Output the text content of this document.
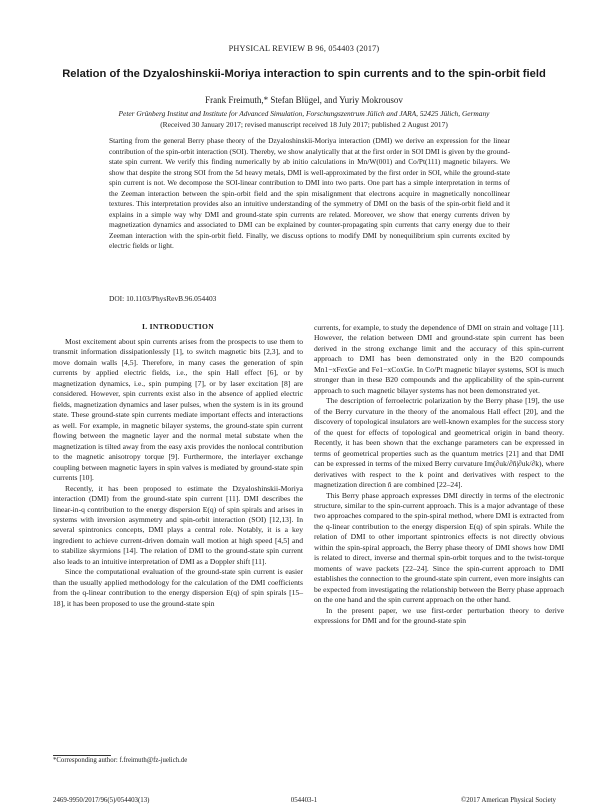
PHYSICAL REVIEW B 96, 054403 (2017)
Relation of the Dzyaloshinskii-Moriya interaction to spin currents and to the spin-orbit field
Frank Freimuth,* Stefan Blügel, and Yuriy Mokrousov
Peter Grünberg Institut and Institute for Advanced Simulation, Forschungszentrum Jülich and JARA, 52425 Jülich, Germany
(Received 30 January 2017; revised manuscript received 18 July 2017; published 2 August 2017)
Starting from the general Berry phase theory of the Dzyaloshinskii-Moriya interaction (DMI) we derive an expression for the linear contribution of the spin-orbit interaction (SOI). Thereby, we show analytically that at the first order in SOI DMI is given by the ground-state spin current. We verify this finding numerically by ab initio calculations in Mn/W(001) and Co/Pt(111) magnetic bilayers. We show that despite the strong SOI from the 5d heavy metals, DMI is well-approximated by the first order in SOI, while the ground-state spin current is not. We decompose the SOI-linear contribution to DMI into two parts. One part has a simple interpretation in terms of the Zeeman interaction between the spin-orbit field and the spin misalignment that electrons acquire in magnetically noncollinear textures. This interpretation provides also an intuitive understanding of the symmetry of DMI on the basis of the spin-orbit field and it explains in a simple way why DMI and ground-state spin currents are related. Moreover, we show that energy currents driven by magnetization dynamics and associated to DMI can be explained by counter-propagating spin currents that carry energy due to their Zeeman interaction with the spin-orbit field. Finally, we discuss options to modify DMI by nonequilibrium spin currents excited by electric fields or light.
DOI: 10.1103/PhysRevB.96.054403
I. INTRODUCTION

Most excitement about spin currents arises from the prospects to use them to transmit information dissipationlessly [1], to switch magnetic bits [2,3], and to move domain walls [4,5]. Therefore, in many cases the generation of spin currents by applied electric fields, i.e., the spin Hall effect [6], or by magnetization dynamics, i.e., spin pumping [7], or by laser excitation [8] are considered. However, spin currents exist also in the absence of applied electric fields, magnetization dynamics and laser pulses, when the system is in its ground state. These ground-state spin currents mediate important effects and interactions as well. For example, in magnetic bilayer systems, the ground-state spin current flowing between the magnetic layer and the normal metal substate when the magnetization is tilted away from the easy axis provides the nonlocal contribution to the magnetic anisotropy torque [9]. Furthermore, the interlayer exchange coupling between magnetic layers in spin valves is mediated by ground-state spin currents [10].

Recently, it has been proposed to estimate the Dzyaloshinskii-Moriya interaction (DMI) from the ground-state spin current [11]. DMI describes the linear-in-q contribution to the energy dispersion E(q) of spin spirals and arises in systems with inversion asymmetry and spin-orbit interaction (SOI) [12,13]. In several spintronics concepts, DMI plays a central role. Notably, it is a key ingredient to achieve current-driven domain wall motion at high speed [4,5] and to stabilize skyrmions [14]. The relation of DMI to the ground-state spin current also leads to an intuitive interpretation of DMI as a Doppler shift [11].

Since the computational evaluation of the ground-state spin current is easier than the usually applied methodology for the calculation of the DMI coefficients from the q-linear contribution to the energy dispersion E(q) of spin spirals [15–18], it has been proposed to use the ground-state spin

currents, for example, to study the dependence of DMI on strain and voltage [11]. However, the relation between DMI and ground-state spin current has been derived in the strong exchange limit and the accuracy of this spin-current approach to DMI has been demonstrated only in the B20 compounds Mn1−xFexGe and Fe1−xCoxGe. In Co/Pt magnetic bilayer systems, SOI is much stronger than in these B20 compounds and the applicability of the spin-current approach to such magnetic bilayer systems has not been demonstrated yet.

The description of ferroelectric polarization by the Berry phase [19], the use of the Berry curvature in the theory of the anomalous Hall effect [20], and the discovery of topological insulators are well-known examples for the success story of the quest for effects of topological and geometrical origin in band theory. Recently, it has been shown that the exchange parameters can be expressed in terms of geometrical properties such as the quantum metrics [21] and that DMI can be expressed in terms of the mixed Berry curvature Im(∂uk/∂n̂|∂uk/∂k), where derivatives with respect to the k point and derivatives with respect to the magnetization direction n̂ are combined [22–24].

This Berry phase approach expresses DMI directly in terms of the electronic structure, similar to the spin-current approach. This is a major advantage of these two approaches compared to the spin-spiral method, where DMI is extracted from the q-linear contribution to the energy dispersion E(q) of spin spirals. While the relation of DMI to other important spintronics effects is not directly obvious within the spin-spiral approach, the Berry phase theory of DMI shows how DMI is related to direct, inverse and thermal spin-orbit torques and to the twist-torque moments of wave packets [22–24]. Since the spin-current approach to DMI establishes the connection to the ground-state spin current, even more insights can be expected from investigating the relationship between the Berry phase approach on the one hand and the spin current approach on the other hand.

In the present paper, we use first-order perturbation theory to derive expressions for DMI and for the ground-state spin

*Corresponding author: f.freimuth@fz-juelich.de
2469-9950/2017/96(5)/054403(13)	054403-1	©2017 American Physical Society
